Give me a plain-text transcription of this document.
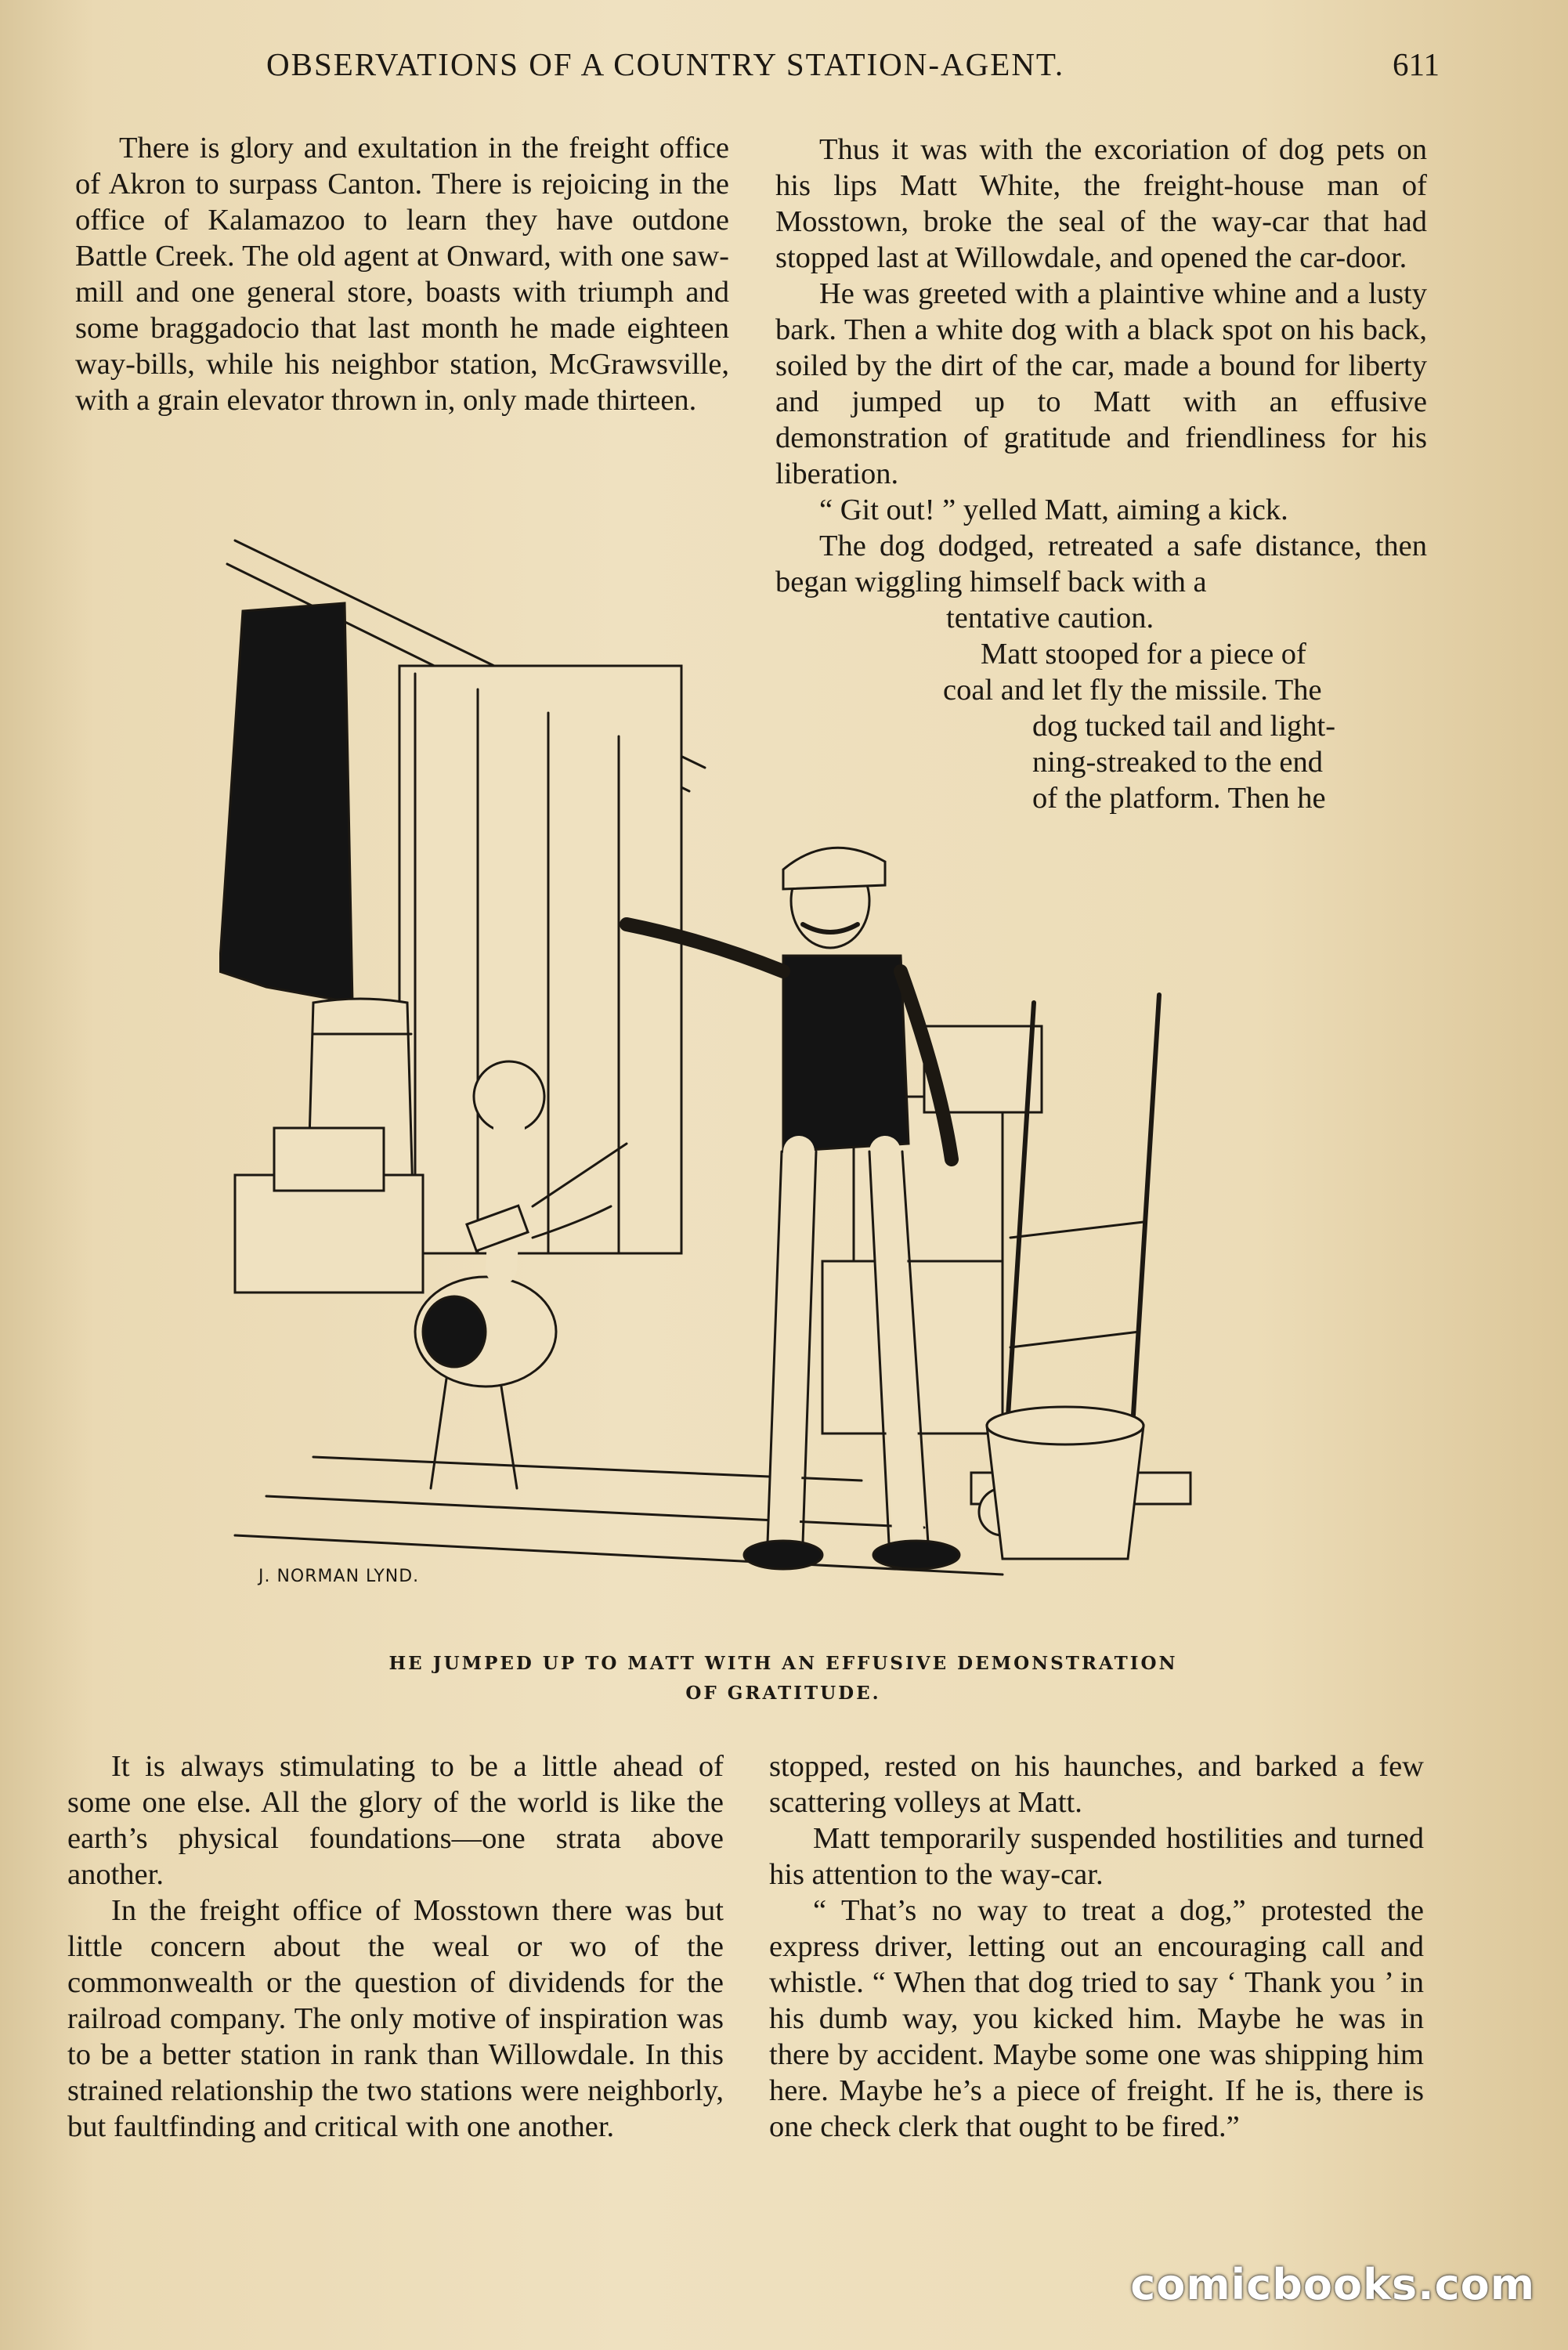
OBSERVATIONS OF A COUNTRY STATION-AGENT.	611

There is glory and exultation in the freight office of Akron to surpass Canton. There is rejoicing in the office of Kalamazoo to learn they have outdone Battle Creek. The old agent at Onward, with one saw-mill and one general store, boasts with triumph and some braggadocio that last month he made eighteen way-bills, while his neighbor station, McGrawsville, with a grain elevator thrown in, only made thirteen.

Thus it was with the excoriation of dog pets on his lips Matt White, the freight-house man of Mosstown, broke the seal of the way-car that had stopped last at Willowdale, and opened the car-door.

He was greeted with a plaintive whine and a lusty bark. Then a white dog with a black spot on his back, soiled by the dirt of the car, made a bound for liberty and jumped up to Matt with an effusive demonstration of gratitude and friendliness for his liberation.

“ Git out! ” yelled Matt, aiming a kick.

The dog dodged, retreated a safe distance, then began wiggling himself back with a

tentative caution.
Matt stooped for a piece of
coal and let fly the missile. The
dog tucked tail and light-
ning-streaked to the end
of the platform. Then he
J. NORMAN LYND.
HE JUMPED UP TO MATT WITH AN EFFUSIVE DEMONSTRATION
OF GRATITUDE.

It is always stimulating to be a little ahead of some one else. All the glory of the world is like the earth’s physical foundations—one strata above another.

In the freight office of Mosstown there was but little concern about the weal or wo of the commonwealth or the question of dividends for the railroad company. The only motive of inspiration was to be a better station in rank than Willowdale. In this strained relationship the two stations were neighborly, but faultfinding and critical with one another.

stopped, rested on his haunches, and barked a few scattering volleys at Matt.

Matt temporarily suspended hostilities and turned his attention to the way-car.

“ That’s no way to treat a dog,” protested the express driver, letting out an encouraging call and whistle. “ When that dog tried to say ‘ Thank you ’ in his dumb way, you kicked him. Maybe he was in there by accident. Maybe some one was shipping him here. Maybe he’s a piece of freight. If he is, there is one check clerk that ought to be fired.”

comicbooks.com
